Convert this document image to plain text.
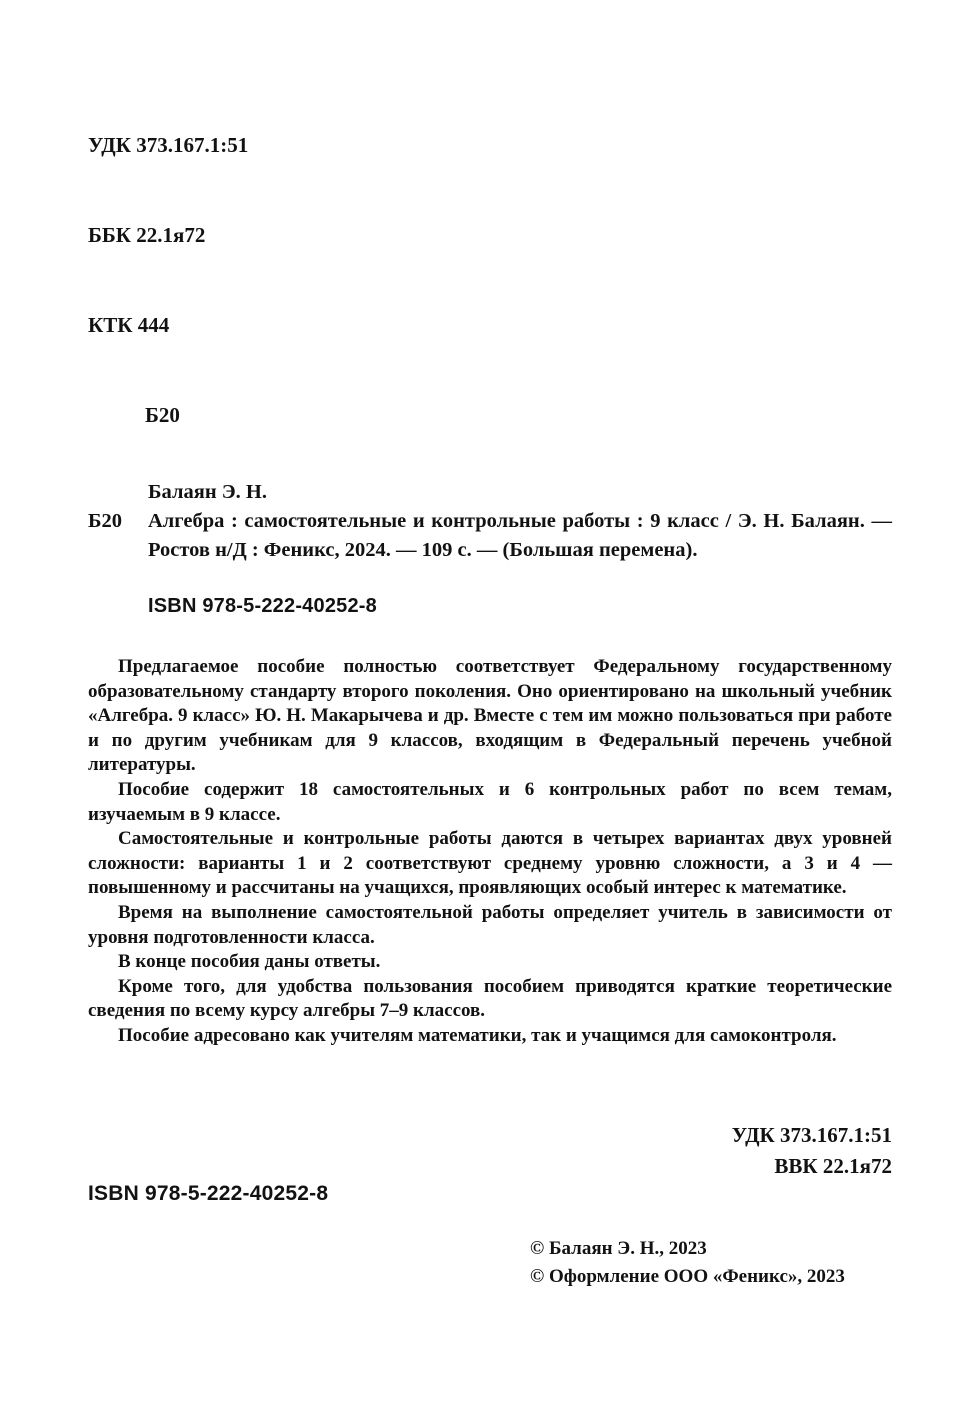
УДК 373.167.1:51

ББК 22.1я72

КТК 444

Б20

Балаян Э. Н.
Б20 Алгебра : самостоятельные и контрольные работы : 9 класс / Э. Н. Балаян. — Ростов н/Д : Феникс, 2024. — 109 с. — (Большая перемена).
ISBN 978-5-222-40252-8

Предлагаемое пособие полностью соответствует Федеральному государственному образовательному стандарту второго поколения. Оно ориентировано на школьный учебник «Алгебра. 9 класс» Ю. Н. Макарычева и др. Вместе с тем им можно пользоваться при работе и по другим учебникам для 9 классов, входящим в Федеральный перечень учебной литературы.

Пособие содержит 18 самостоятельных и 6 контрольных работ по всем темам, изучаемым в 9 классе.

Самостоятельные и контрольные работы даются в четырех вариантах двух уровней сложности: варианты 1 и 2 соответствуют среднему уровню сложности, а 3 и 4 — повышенному и рассчитаны на учащихся, проявляющих особый интерес к математике.

Время на выполнение самостоятельной работы определяет учитель в зависимости от уровня подготовленности класса.

В конце пособия даны ответы.

Кроме того, для удобства пользования пособием приводятся краткие теоретические сведения по всему курсу алгебры 7–9 классов.

Пособие адресовано как учителям математики, так и учащимся для самоконтроля.

УДК 373.167.1:51
ВВК 22.1я72
ISBN 978-5-222-40252-8
© Балаян Э. Н., 2023
© Оформление ООО «Феникс», 2023
